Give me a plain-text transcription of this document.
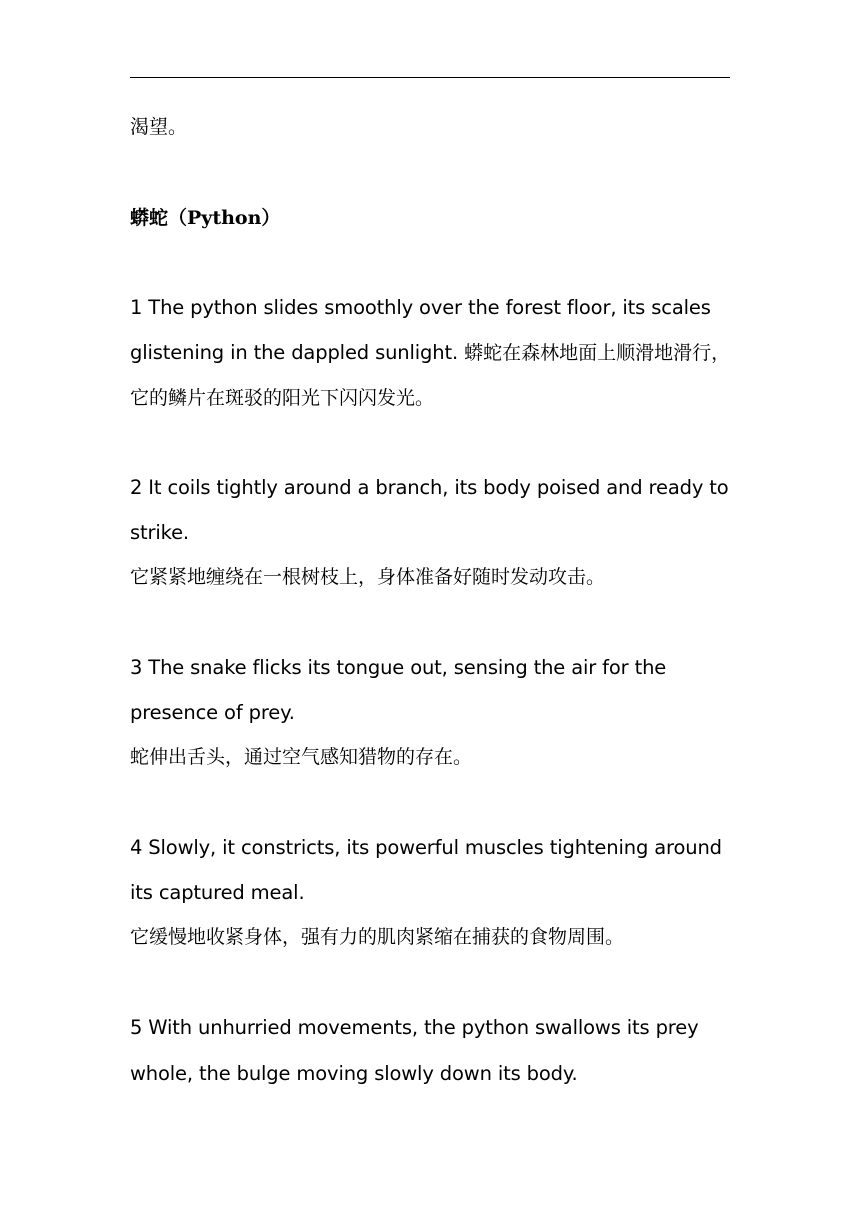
渴望。
蟒蛇（Python）
1 The python slides smoothly over the forest floor, its scales
glistening in the dappled sunlight. 蟒蛇在森林地面上顺滑地滑行，
它的鳞片在斑驳的阳光下闪闪发光。
2 It coils tightly around a branch, its body poised and ready to
strike.
它紧紧地缠绕在一根树枝上，身体准备好随时发动攻击。
3 The snake flicks its tongue out, sensing the air for the
presence of prey.
蛇伸出舌头，通过空气感知猎物的存在。
4 Slowly, it constricts, its powerful muscles tightening around
its captured meal.
它缓慢地收紧身体，强有力的肌肉紧缩在捕获的食物周围。
5 With unhurried movements, the python swallows its prey
whole, the bulge moving slowly down its body.
